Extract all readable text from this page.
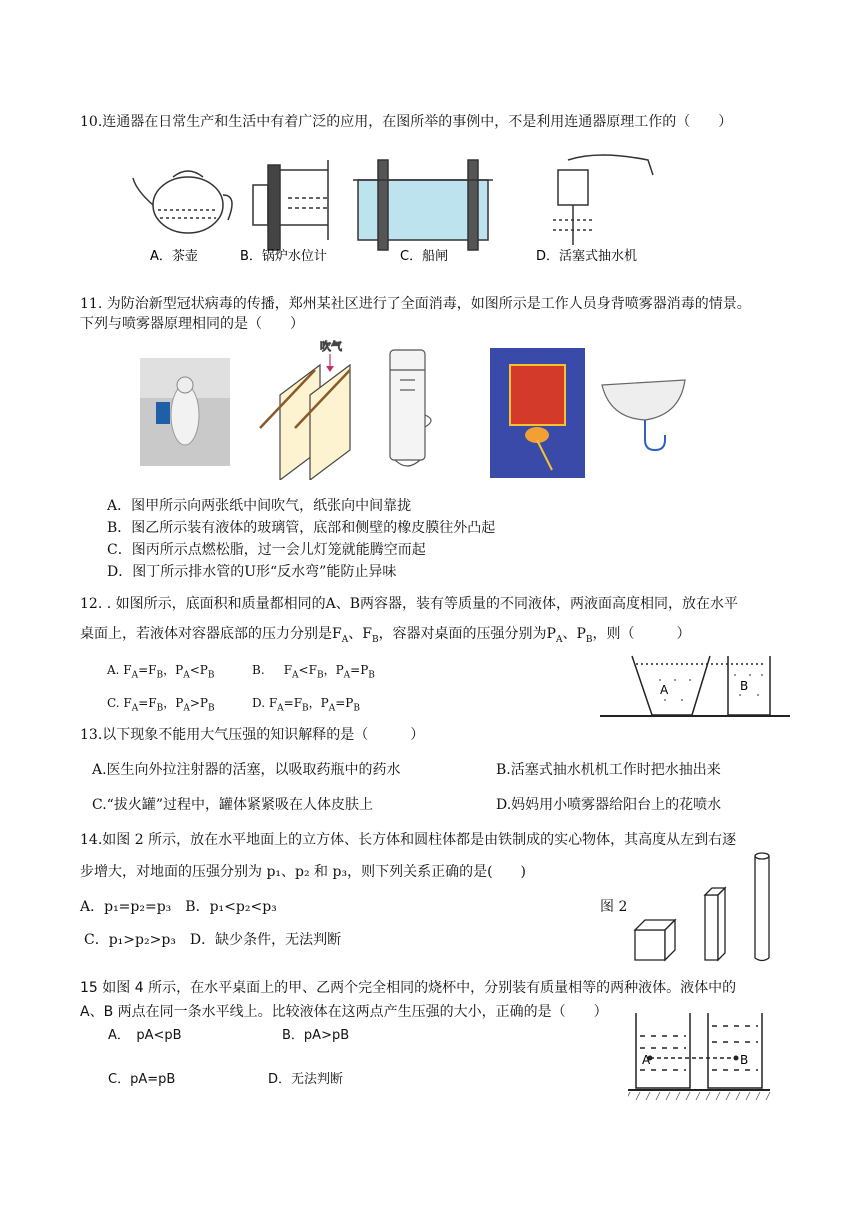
10.连通器在日常生产和生活中有着广泛的应用，在图所举的事例中，不是利用连通器原理工作的（　　）
A．茶壶	B．锅炉水位计	C．船闸	D．活塞式抽水机
11. 为防治新型冠状病毒的传播，郑州某社区进行了全面消毒，如图所示是工作人员身背喷雾器消毒的情景。
下列与喷雾器原理相同的是（　　）
吹气
A．图甲所示向两张纸中间吹气，纸张向中间靠拢
B．图乙所示装有液体的玻璃管，底部和侧壁的橡皮膜往外凸起
C．图丙所示点燃松脂，过一会儿灯笼就能腾空而起
D．图丁所示排水管的U形“反水弯”能防止异味
12. . 如图所示，底面积和质量都相同的A、B两容器，装有等质量的不同液体，两液面高度相同，放在水平
桌面上，若液体对容器底部的压力分别是$F_A$、$F_B$，容器对桌面的压强分别为$P_A$、$P_B$，则（　　　）
A. $F_A=F_B$，$P_A<P_B$	B.     $F_A<F_B$，$P_A=P_B$
C. $F_A=F_B$，$P_A>P_B$	D. $F_A=F_B$，$P_A=P_B$
A	B
13.以下现象不能用大气压强的知识解释的是（　　　）
A.医生向外拉注射器的活塞，以吸取药瓶中的药水	B.活塞式抽水机机工作时把水抽出来
C.“拔火罐”过程中，罐体紧紧吸在人体皮肤上	D.妈妈用小喷雾器给阳台上的花喷水
14.如图 2 所示，放在水平地面上的立方体、长方体和圆柱体都是由铁制成的实心物体，其高度从左到右逐
步增大，对地面的压强分别为 p₁、p₂ 和 p₃，则下列关系正确的是(　　)
A．p₁=p₂=p₃　B．p₁<p₂<p₃
C．p₁>p₂>p₃　D．缺少条件，无法判断
图 2
15 如图 4 所示，在水平桌面上的甲、乙两个完全相同的烧杯中，分别装有质量相等的两种液体。液体中的
A、B 两点在同一条水平线上。比较液体在这两点产生压强的大小，正确的是（　　）
A．　pA<pB	B．pA>pB
C．pA=pB	D．无法判断
A	B
